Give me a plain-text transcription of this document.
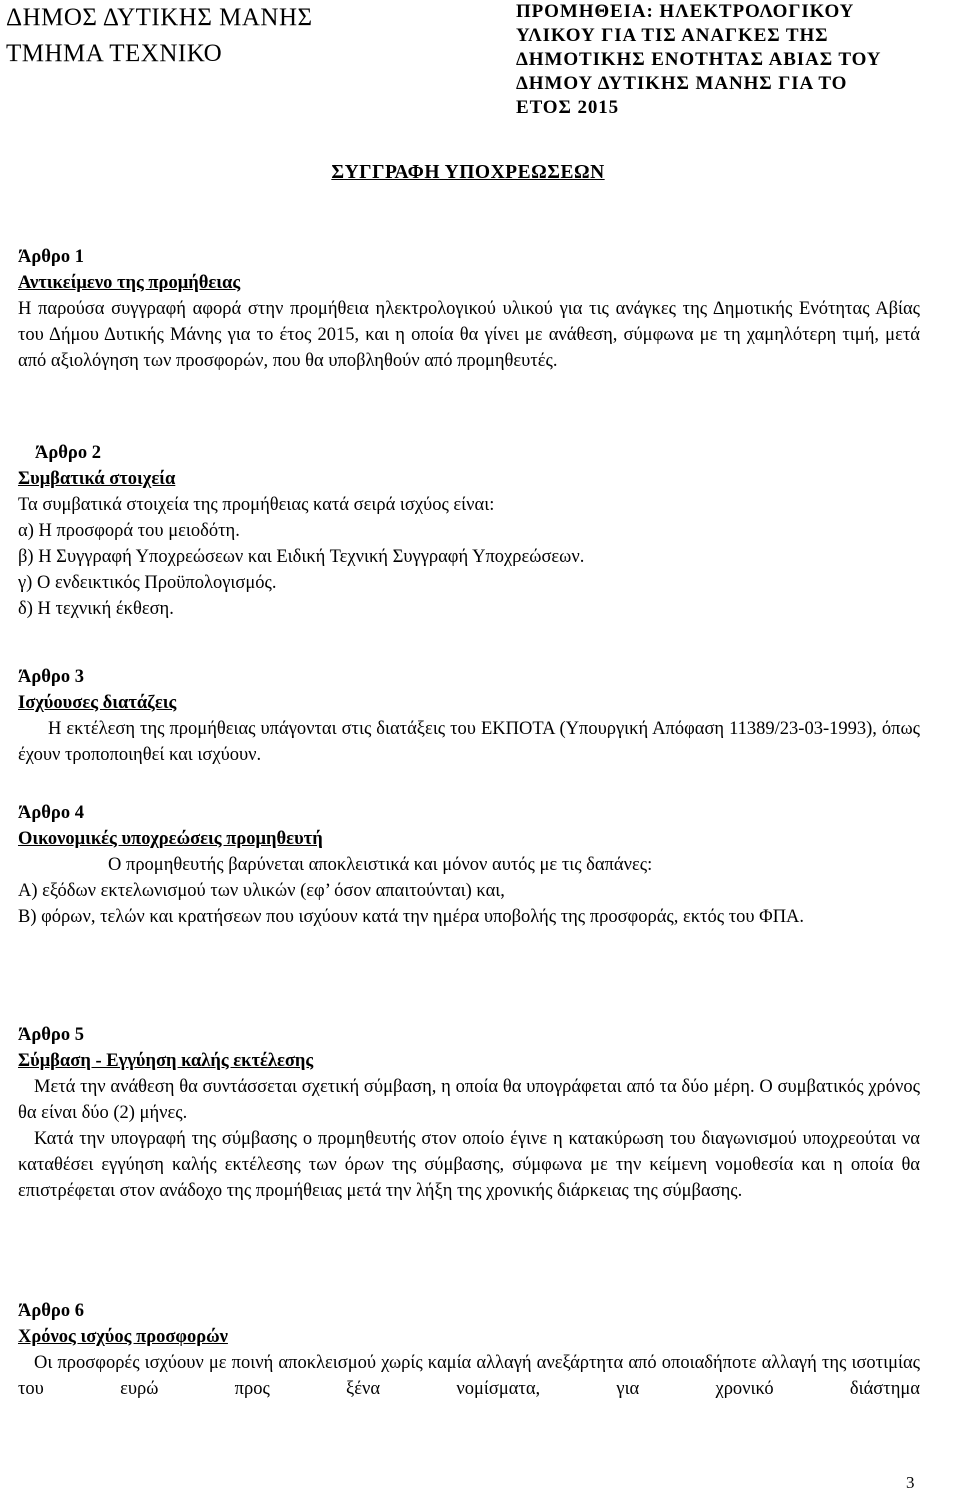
ΔΗΜΟΣ ΔΥΤΙΚΗΣ ΜΑΝΗΣ
ΤΜΗΜΑ ΤΕΧΝΙΚΟ
ΠΡΟΜΗΘΕΙΑ: ΗΛΕΚΤΡΟΛΟΓΙΚΟΥ
ΥΛΙΚΟΥ ΓΙΑ ΤΙΣ ΑΝΑΓΚΕΣ ΤΗΣ
ΔΗΜΟΤΙΚΗΣ ΕΝΟΤΗΤΑΣ ΑΒΙΑΣ ΤΟΥ
ΔΗΜΟΥ ΔΥΤΙΚΗΣ ΜΑΝΗΣ ΓΙΑ ΤΟ
ΕΤΟΣ 2015
ΣΥΓΓΡΑΦΗ ΥΠΟΧΡΕΩΣΕΩΝ
Άρθρο 1
Αντικείμενο της προμήθειας
Η παρούσα συγγραφή αφορά στην προμήθεια ηλεκτρολογικού υλικού για τις ανάγκες της Δημοτικής Ενότητας Αβίας του Δήμου Δυτικής Μάνης για το έτος 2015, και η οποία θα γίνει με ανάθεση, σύμφωνα με τη χαμηλότερη τιμή, μετά από αξιολόγηση των προσφορών, που θα υποβληθούν από προμηθευτές.
Άρθρο 2
Συμβατικά στοιχεία
Τα συμβατικά στοιχεία της προμήθειας κατά σειρά ισχύος είναι:
α) Η προσφορά του μειοδότη.
β) Η Συγγραφή Υποχρεώσεων και Ειδική Τεχνική Συγγραφή Υποχρεώσεων.
γ) Ο ενδεικτικός Προϋπολογισμός.
δ) Η τεχνική έκθεση.
Άρθρο 3
Ισχύουσες διατάζεις
Η εκτέλεση της προμήθειας υπάγονται στις διατάξεις του ΕΚΠΟΤΑ (Υπουργική Απόφαση 11389/23-03-1993), όπως έχουν τροποποιηθεί και ισχύουν.
Άρθρο 4
Οικονομικές υποχρεώσεις προμηθευτή
Ο προμηθευτής βαρύνεται αποκλειστικά και μόνον αυτός με τις δαπάνες:
Α) εξόδων εκτελωνισμού των υλικών (εφ’ όσον απαιτούνται) και,
Β) φόρων, τελών και κρατήσεων που ισχύουν κατά την ημέρα υποβολής της προσφοράς, εκτός του ΦΠΑ.
Άρθρο 5
Σύμβαση - Εγγύηση καλής εκτέλεσης
Μετά την ανάθεση θα συντάσσεται σχετική σύμβαση, η οποία θα υπογράφεται από τα δύο μέρη. Ο συμβατικός χρόνος θα είναι δύο (2) μήνες.
Κατά την υπογραφή της σύμβασης ο προμηθευτής στον οποίο έγινε η κατακύρωση του διαγωνισμού υποχρεούται να καταθέσει εγγύηση καλής εκτέλεσης των όρων της σύμβασης, σύμφωνα με την κείμενη νομοθεσία και η οποία θα επιστρέφεται στον ανάδοχο της προμήθειας μετά την λήξη της χρονικής διάρκειας της σύμβασης.
Άρθρο 6
Χρόνος ισχύος προσφορών
Οι προσφορές ισχύουν με ποινή αποκλεισμού χωρίς καμία αλλαγή ανεξάρτητα από οποιαδήποτε αλλαγή της ισοτιμίας του ευρώ προς ξένα νομίσματα, για χρονικό διάστημα
3
